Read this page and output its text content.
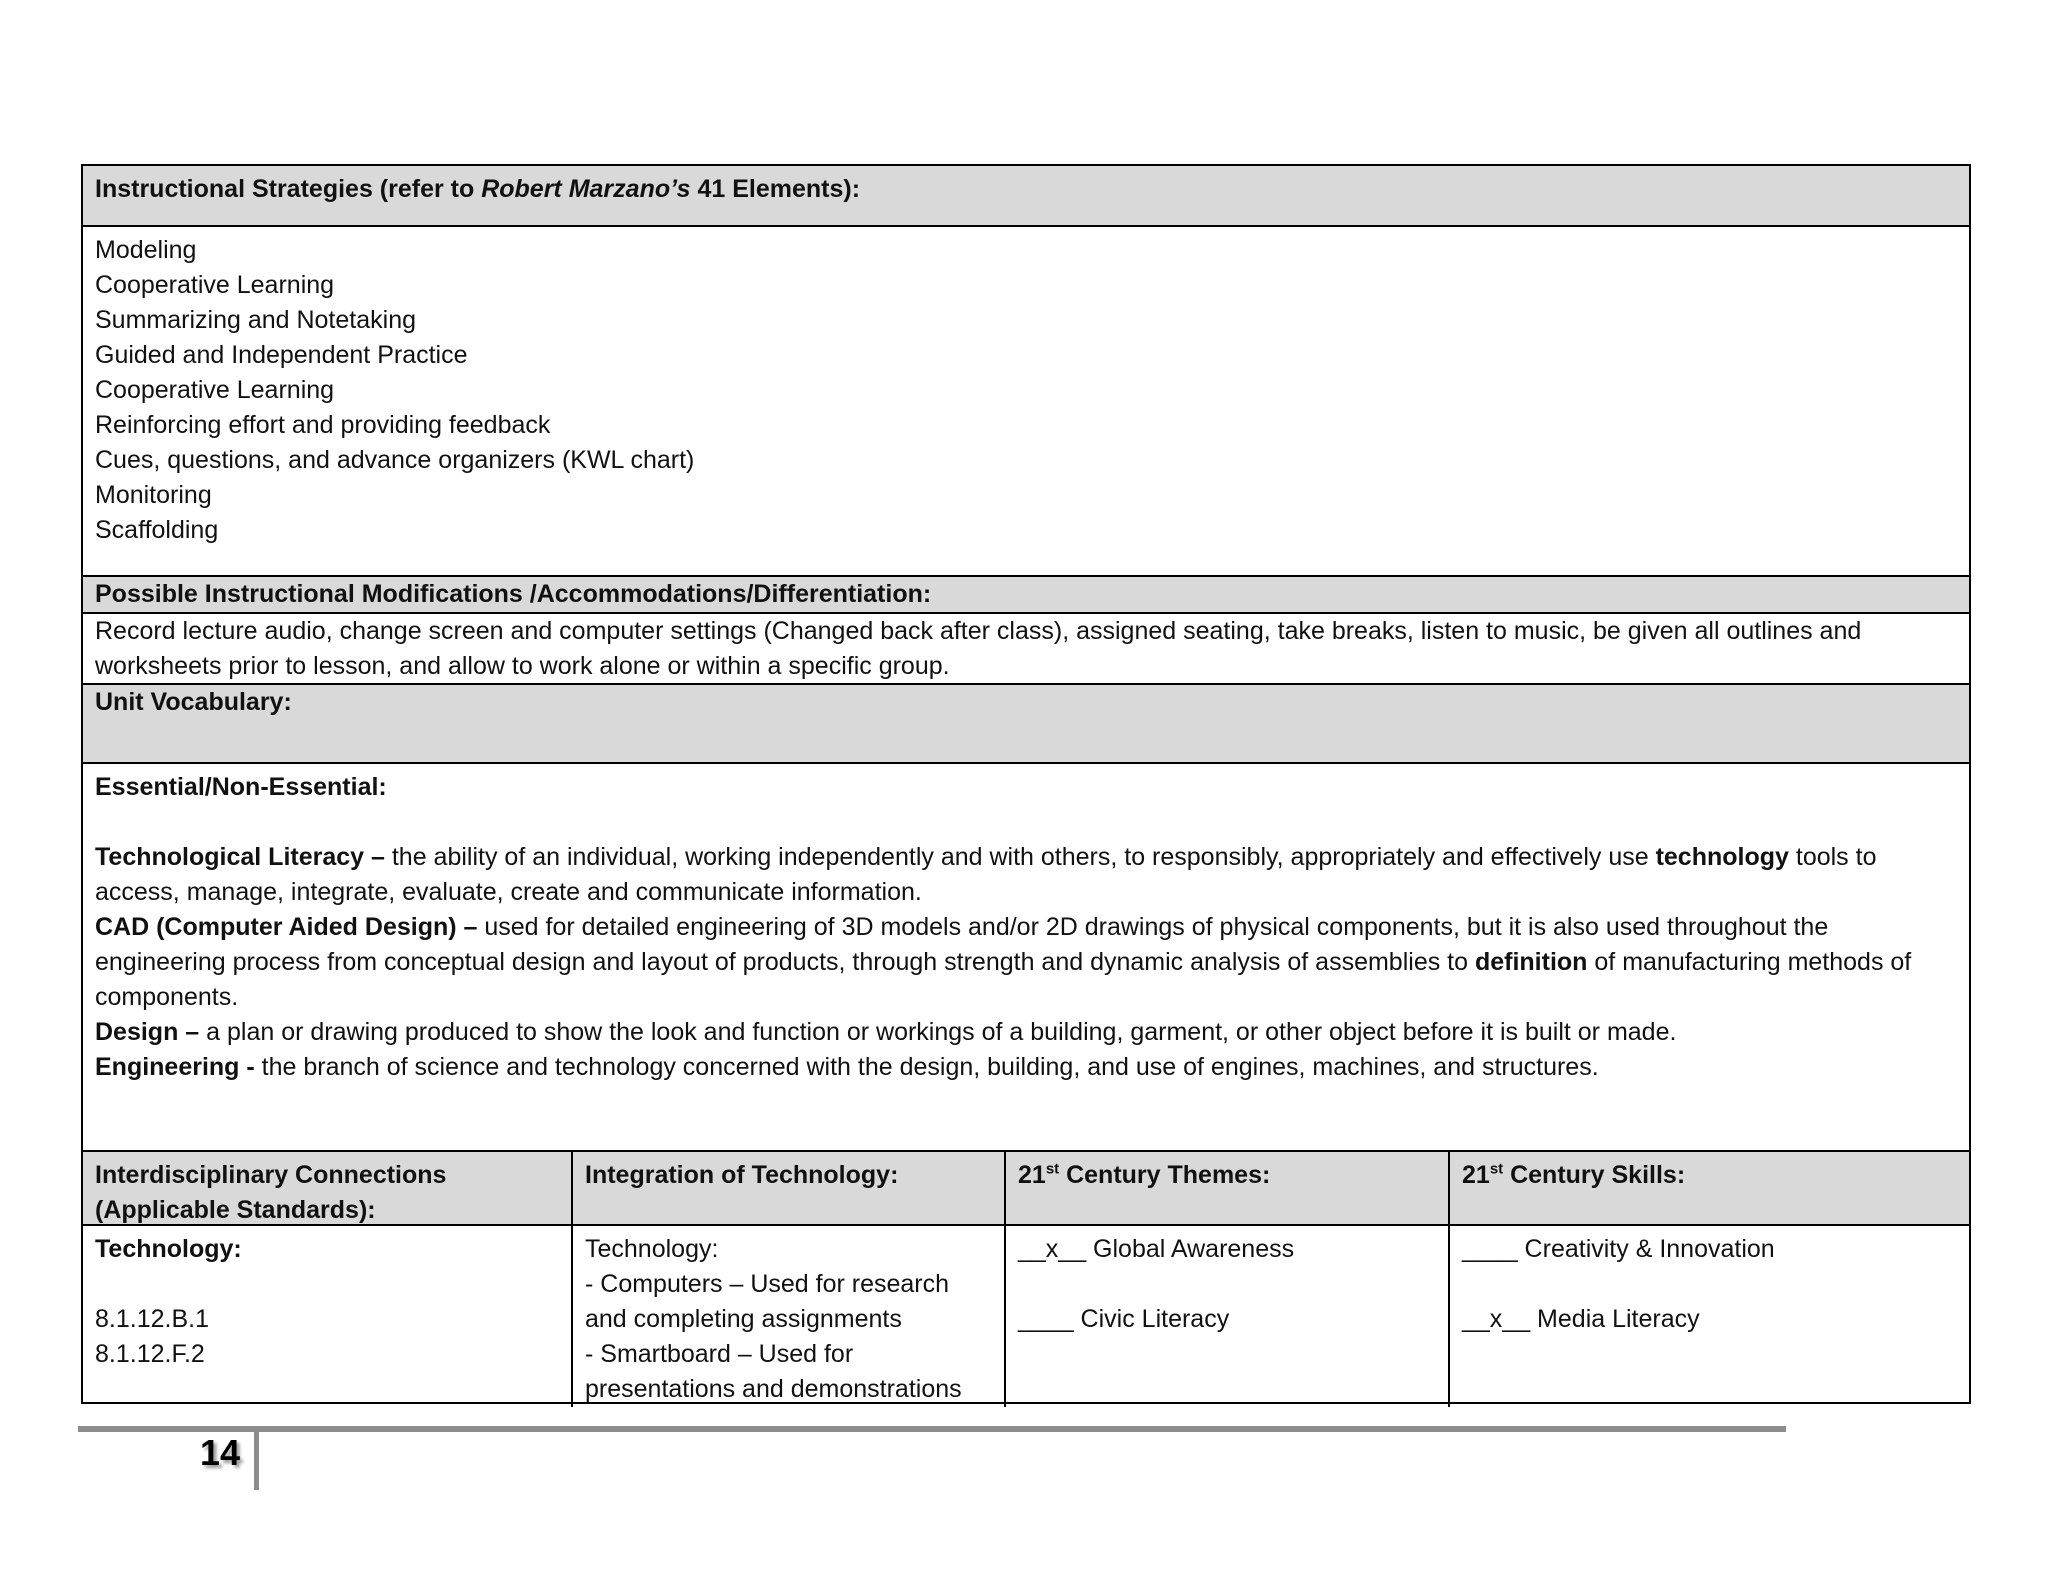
Instructional Strategies (refer to Robert Marzano’s 41 Elements):
Modeling
Cooperative Learning
Summarizing and Notetaking
Guided and Independent Practice
Cooperative Learning
Reinforcing effort and providing feedback
Cues, questions, and advance organizers (KWL chart)
Monitoring
Scaffolding
Possible Instructional Modifications /Accommodations/Differentiation:
Record lecture audio, change screen and computer settings (Changed back after class), assigned seating, take breaks, listen to music, be given all outlines and worksheets prior to lesson, and allow to work alone or within a specific group.
Unit Vocabulary:
Essential/Non-Essential:
Technological Literacy – the ability of an individual, working independently and with others, to responsibly, appropriately and effectively use technology tools to access, manage, integrate, evaluate, create and communicate information.
CAD (Computer Aided Design) – used for detailed engineering of 3D models and/or 2D drawings of physical components, but it is also used throughout the engineering process from conceptual design and layout of products, through strength and dynamic analysis of assemblies to definition of manufacturing methods of components.
Design – a plan or drawing produced to show the look and function or workings of a building, garment, or other object before it is built or made.
Engineering - the branch of science and technology concerned with the design, building, and use of engines, machines, and structures.
Interdisciplinary Connections
(Applicable Standards):
Integration of Technology:	21st Century Themes:	21st Century Skills:
Technology:
8.1.12.B.1
8.1.12.F.2
Technology:
- Computers – Used for research
and completing assignments
- Smartboard – Used for
presentations and demonstrations
__x__ Global Awareness
____ Civic Literacy
____ Creativity & Innovation
__x__ Media Literacy
14
